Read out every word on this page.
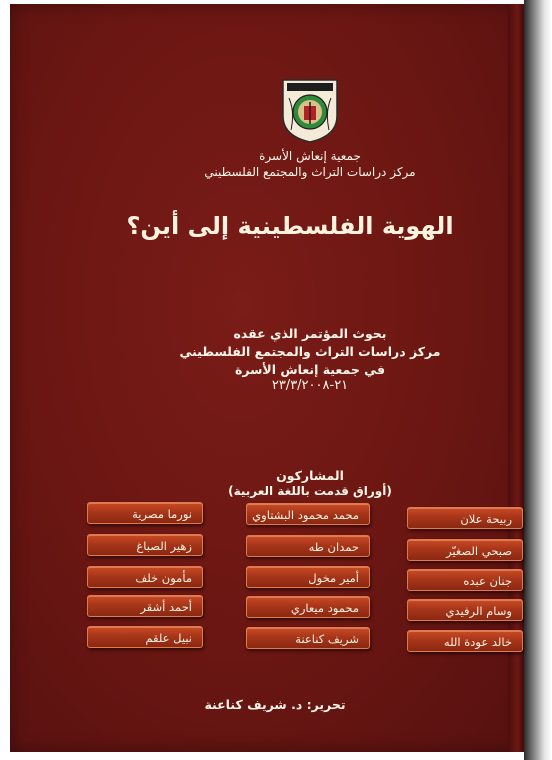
جمعية إنعاش الأسرة
مركز دراسات التراث والمجتمع الفلسطيني
الهوية الفلسطينية إلى أين؟
بحوث المؤتمر الذي عقده
مركز دراسات التراث والمجتمع الفلسطيني
في جمعية إنعاش الأسرة
٢١-٢٣/٣/٢٠٠٨
المشاركون
(أوراق قدمت باللغة العربية)
ربيحة علان
صبحي الصغيّر
جنان عبده
وسام الرفيدي
خالد عودة الله
محمد محمود البشتاوي
حمدان طه
أمير مخول
محمود ميعاري
شريف كناعنة
نورما مصرية
زهير الصباغ
مأمون خلف
أحمد أشقر
نبيل علقم
تحرير: د. شريف كناعنة
